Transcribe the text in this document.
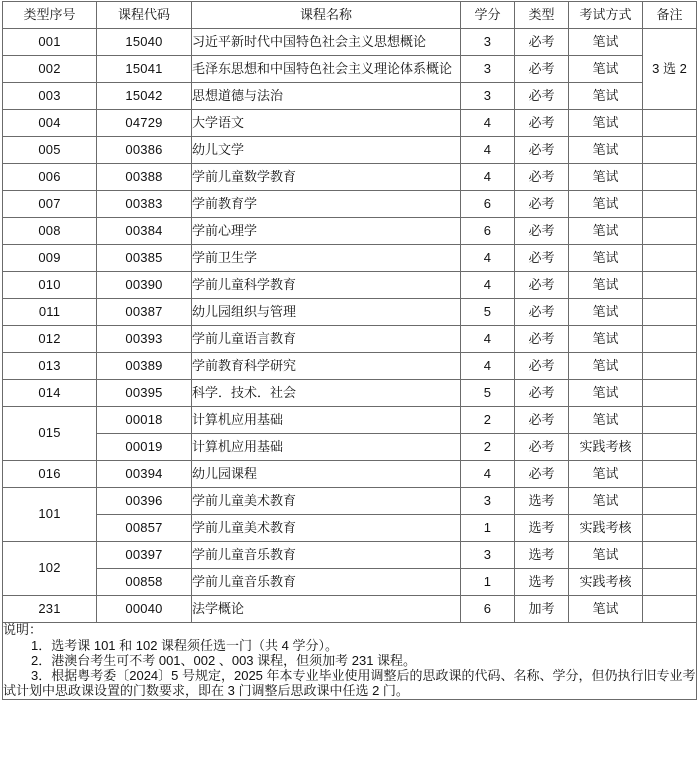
类型序号	课程代码	课程名称	学分	类型	考试方式	备注
001	15040	习近平新时代中国特色社会主义思想概论	3	必考	笔试	3 选 2
002	15041	毛泽东思想和中国特色社会主义理论体系概论	3	必考	笔试	
003	15042	思想道德与法治	3	必考	笔试	
004	04729	大学语文	4	必考	笔试	
005	00386	幼儿文学	4	必考	笔试	
006	00388	学前儿童数学教育	4	必考	笔试	
007	00383	学前教育学	6	必考	笔试	
008	00384	学前心理学	6	必考	笔试	
009	00385	学前卫生学	4	必考	笔试	
010	00390	学前儿童科学教育	4	必考	笔试	
011	00387	幼儿园组织与管理	5	必考	笔试	
012	00393	学前儿童语言教育	4	必考	笔试	
013	00389	学前教育科学研究	4	必考	笔试	
014	00395	科学．技术．社会	5	必考	笔试	
015	00018	计算机应用基础	2	必考	笔试	
	00019	计算机应用基础	2	必考	实践考核	
016	00394	幼儿园课程	4	必考	笔试	
101	00396	学前儿童美术教育	3	选考	笔试	
	00857	学前儿童美术教育	1	选考	实践考核	
102	00397	学前儿童音乐教育	3	选考	笔试	
	00858	学前儿童音乐教育	1	选考	实践考核	
231	00040	法学概论	6	加考	笔试	

说明：
1．选考课 101 和 102 课程须任选一门（共 4 学分）。
2．港澳台考生可不考 001、002 、003 课程，但须加考 231 课程。
3．根据粤考委〔2024〕5 号规定，2025 年本专业毕业使用调整后的思政课的代码、名称、学分，但仍执行旧专业考试计划中思政课设置的门数要求，即在 3 门调整后思政课中任选 2 门。						
